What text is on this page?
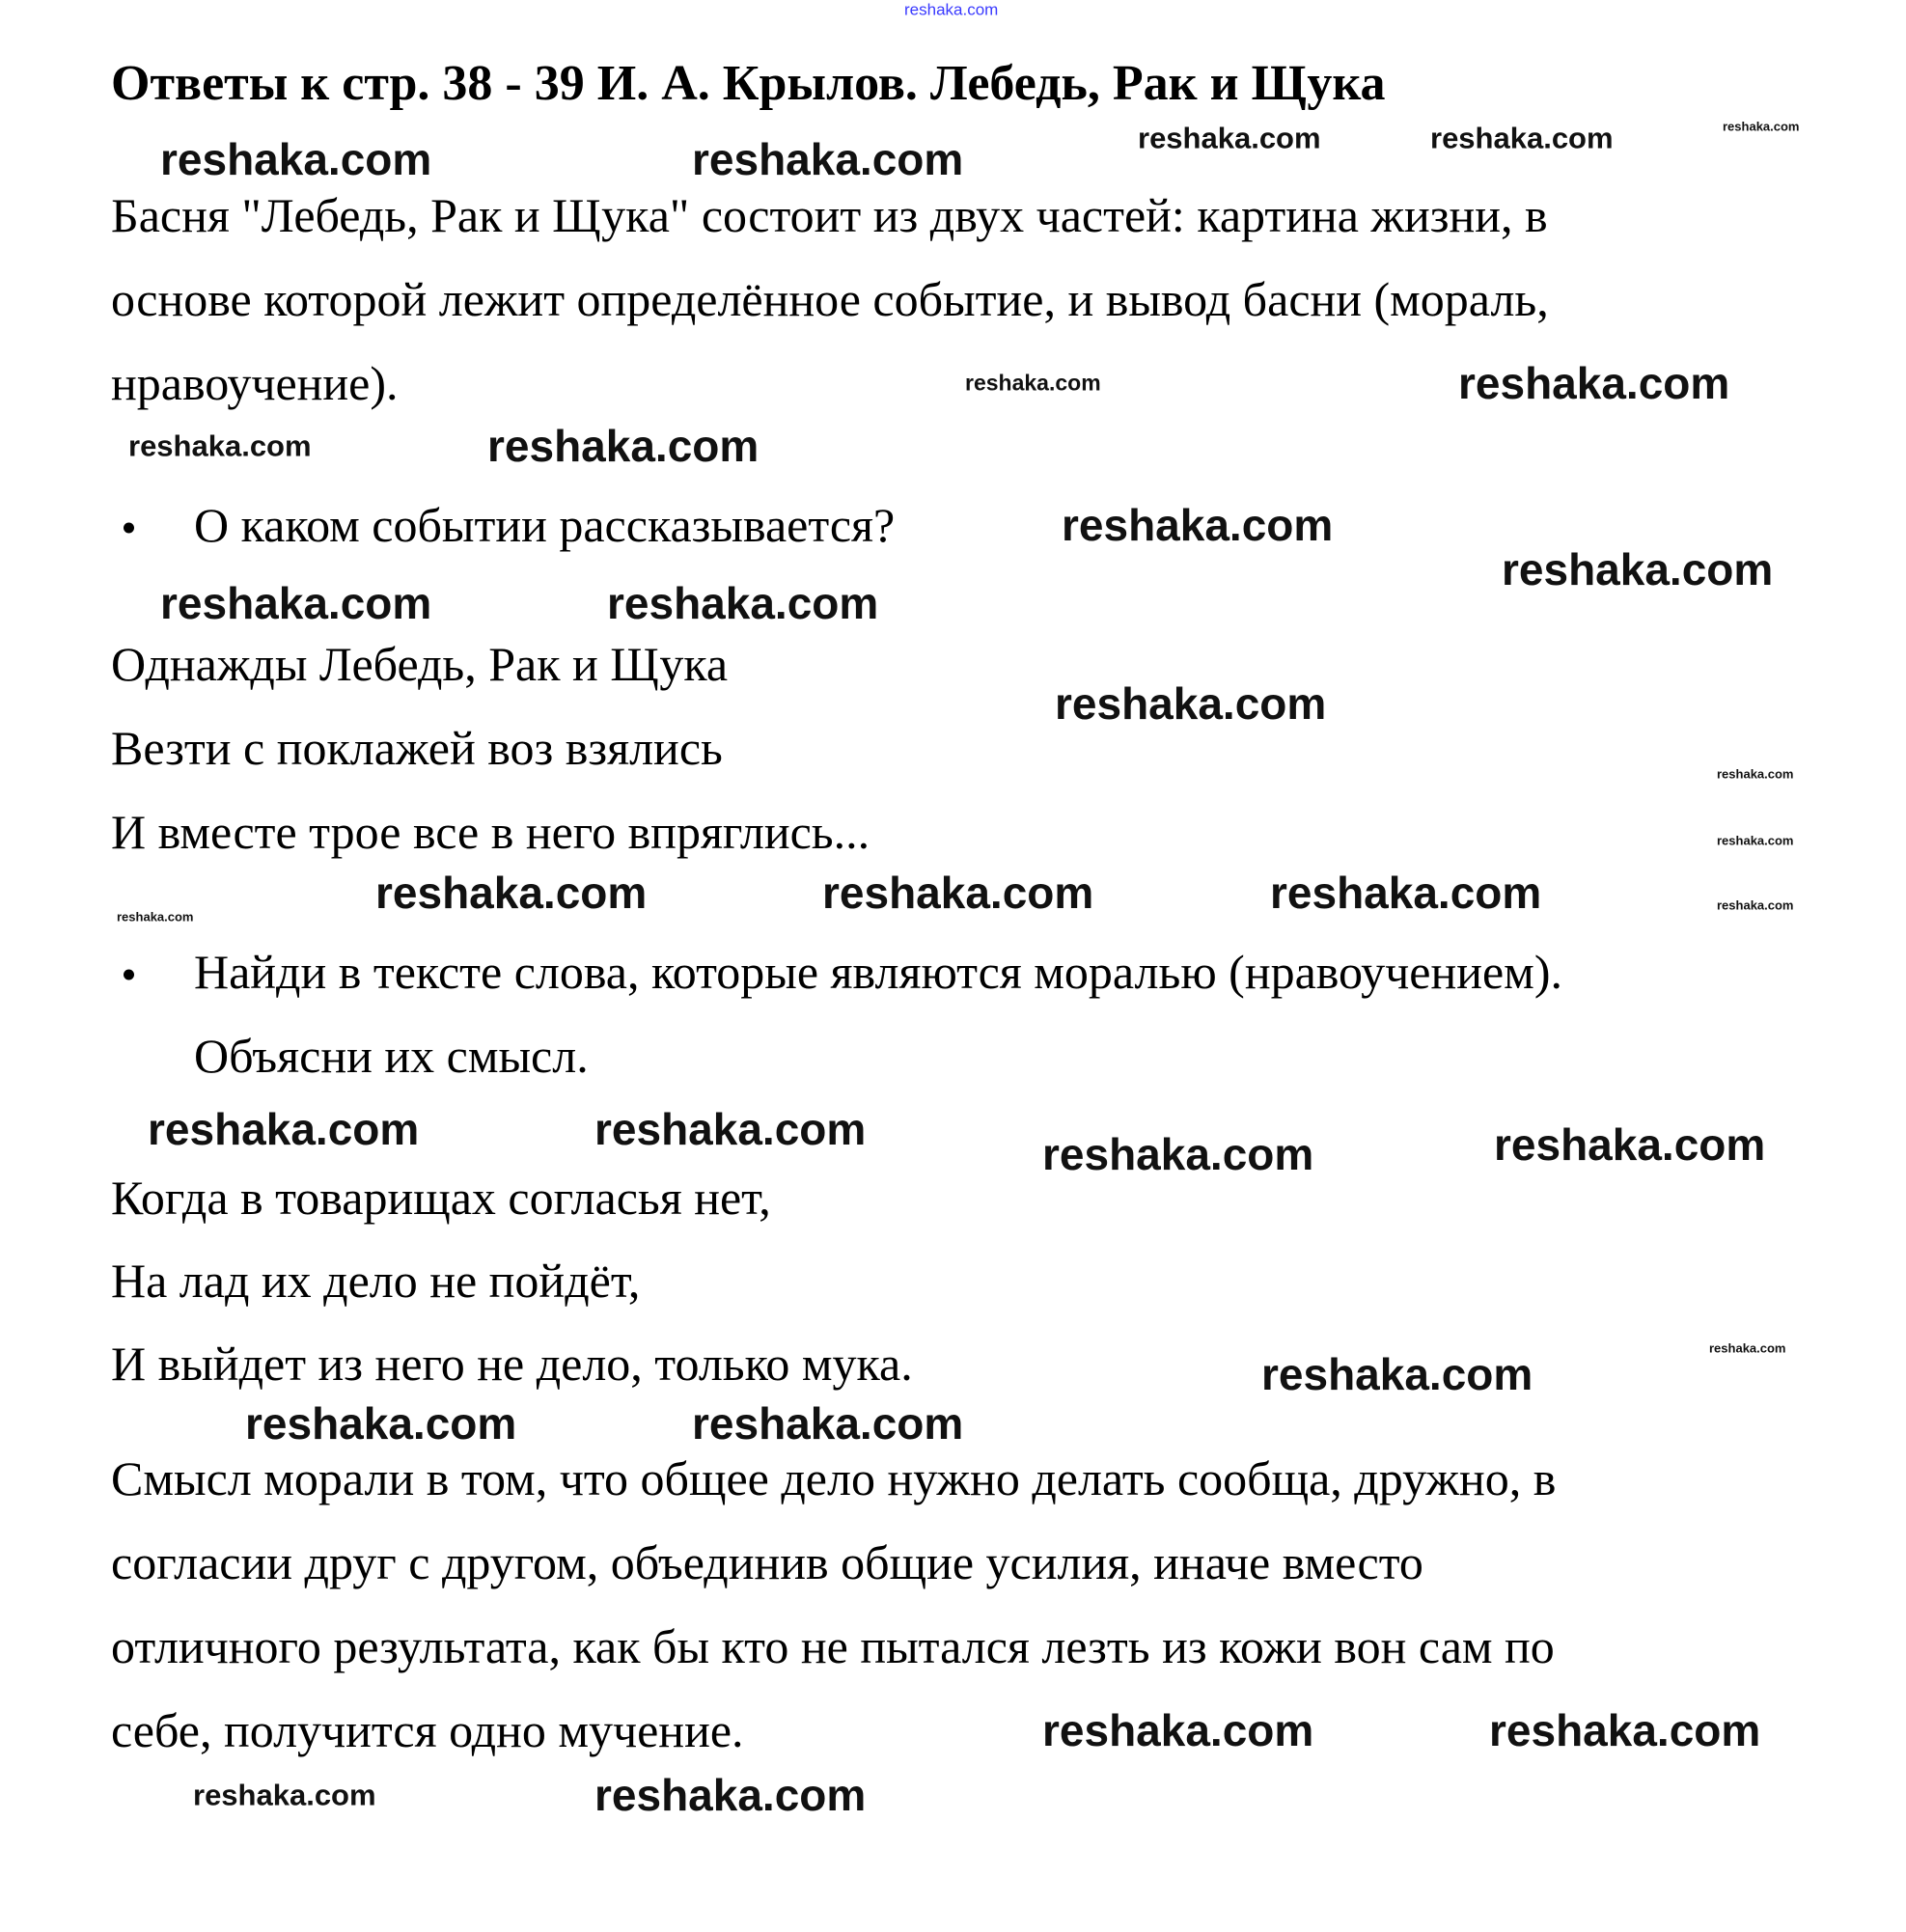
Ответы к стр. 38 - 39 И. А. Крылов. Лебедь, Рак и Щука
Басня "Лебедь, Рак и Щука" состоит из двух частей: картина жизни, в
основе которой лежит определённое событие, и вывод басни (мораль,
нравоучение).
О каком событии рассказывается?
Однажды Лебедь, Рак и Щука
Везти с поклажей воз взялись
И вместе трое все в него впряглись...
Найди в тексте слова, которые являются моралью (нравоучением).
Объясни их смысл.
Когда в товарищах согласья нет,
На лад их дело не пойдёт,
И выйдет из него не дело, только мука.
Смысл морали в том, что общее дело нужно делать сообща, дружно, в
согласии друг с другом, объединив общие усилия, иначе вместо
отличного результата, как бы кто не пытался лезть из кожи вон сам по
себе, получится одно мучение.
reshaka.com
reshaka.com	reshaka.com	reshaka.com
reshaka.com	reshaka.com
reshaka.com	reshaka.com
reshaka.com	reshaka.com
reshaka.com
reshaka.com
reshaka.com	reshaka.com
reshaka.com
reshaka.com
reshaka.com
reshaka.com
reshaka.com	reshaka.com	reshaka.com	reshaka.com
reshaka.com	reshaka.com	reshaka.com	reshaka.com
reshaka.com
reshaka.com
reshaka.com
reshaka.com
reshaka.com
reshaka.com	reshaka.com
reshaka.com
